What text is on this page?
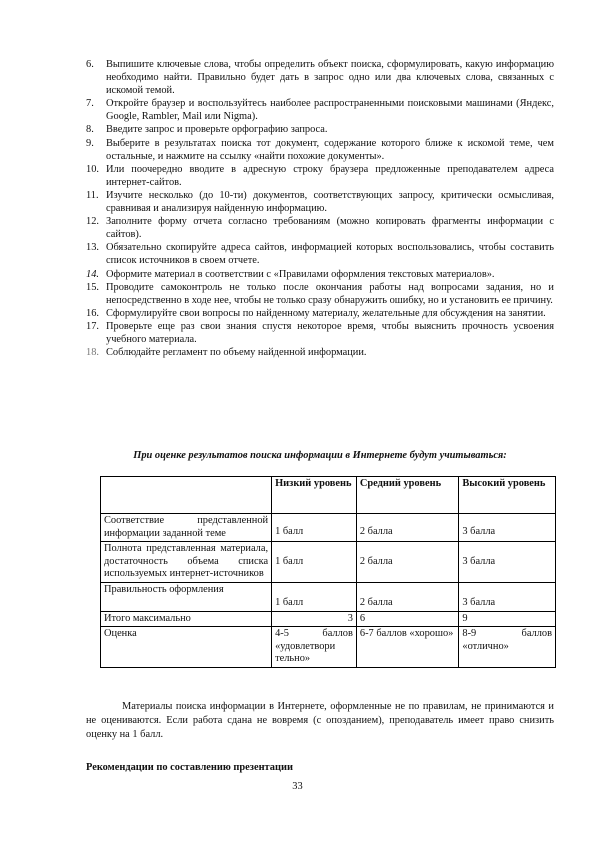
6. Выпишите ключевые слова, чтобы определить объект поиска, сформулировать, какую информацию необходимо найти. Правильно будет дать в запрос одно или два ключевых слова, связанных с искомой темой.
7. Откройте браузер и воспользуйтесь наиболее распространенными поисковыми машинами (Яндекс, Google, Rambler, Mail или Nigma).
8. Введите запрос и проверьте орфографию запроса.
9. Выберите в результатах поиска тот документ, содержание которого ближе к искомой теме, чем остальные, и нажмите на ссылку «найти похожие документы».
10. Или поочередно вводите в адресную строку браузера предложенные преподавателем адреса интернет-сайтов.
11. Изучите несколько (до 10-ти) документов, соответствующих запросу, критически осмысливая, сравнивая и анализируя найденную информацию.
12. Заполните форму отчета согласно требованиям (можно копировать фрагменты информации с сайтов).
13. Обязательно скопируйте адреса сайтов, информацией которых воспользовались, чтобы составить список источников в своем отчете.
14. Оформите материал в соответствии с «Правилами оформления текстовых материалов».
15. Проводите самоконтроль не только после окончания работы над вопросами задания, но и непосредственно в ходе нее, чтобы не только сразу обнаружить ошибку, но и установить ее причину.
16. Сформулируйте свои вопросы по найденному материалу, желательные для обсуждения на занятии.
17. Проверьте еще раз свои знания спустя некоторое время, чтобы выяснить прочность усвоения учебного материала.
18. Соблюдайте регламент по объему найденной информации.
При оценке результатов поиска информации в Интернете будут учитываться:
	Низкий уровень	Средний уровень	Высокий уровень
Соответствие представленной информации заданной теме	1 балл	2 балла	3 балла
Полнота представленная материала, достаточность объема списка используемых интернет-источников	1 балл	2 балла	3 балла
Правильность оформления	1 балл	2 балла	3 балла
Итого максимально	3	6	9
Оценка	4-5 баллов «удовлетвори тельно»	6-7 баллов «хорошо»	8-9 баллов «отлично»
Материалы поиска информации в Интернете, оформленные не по правилам, не принимаются и не оцениваются. Если работа сдана не вовремя (с опозданием), преподаватель имеет право снизить оценку на 1 балл.
Рекомендации по составлению презентации
33
